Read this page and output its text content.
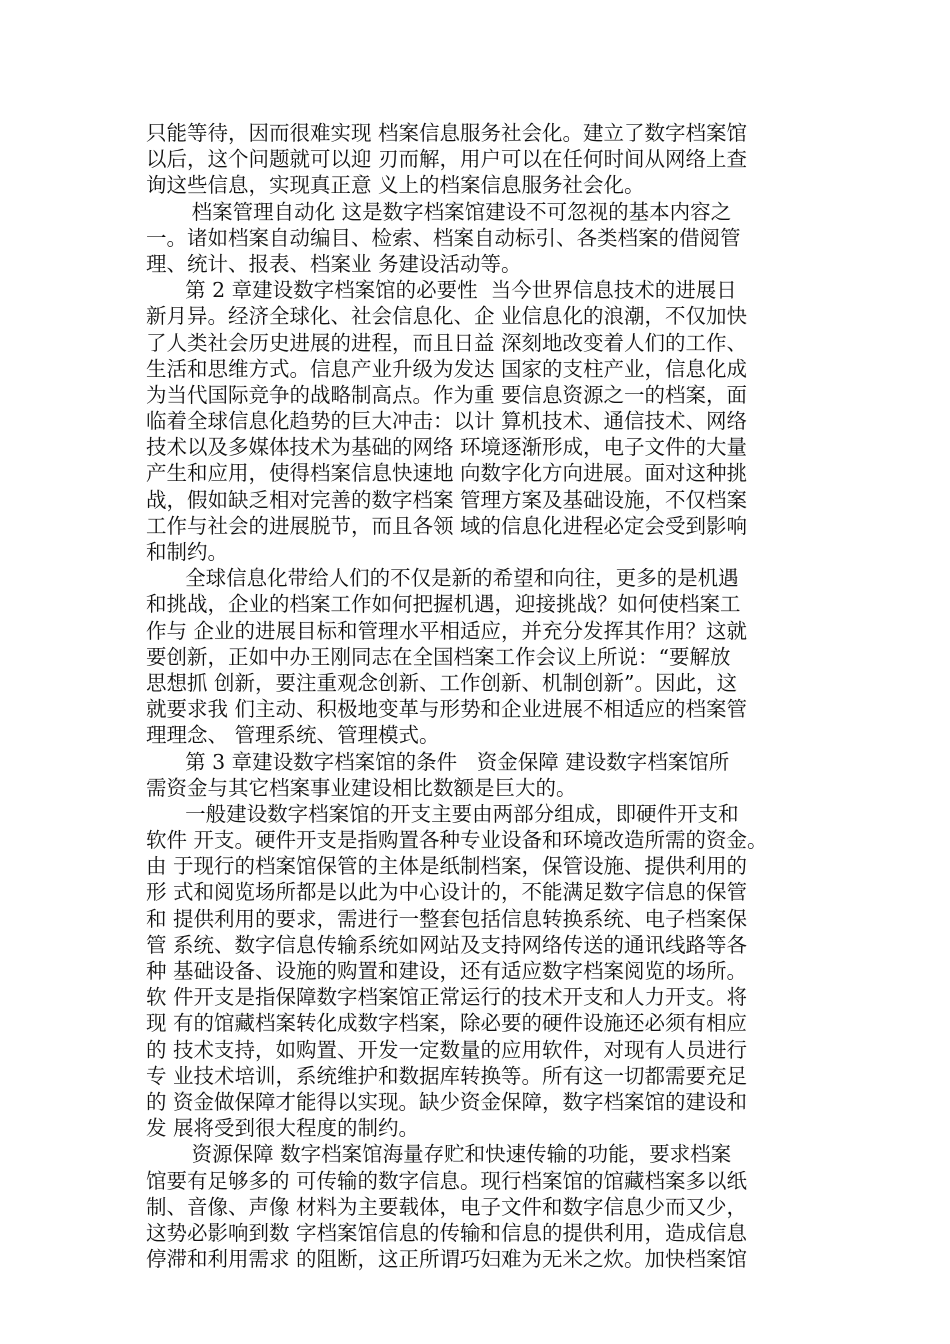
只能等待，因而很难实现 档案信息服务社会化。建立了数字档案馆
以后，这个问题就可以迎 刃而解，用户可以在任何时间从网络上查
询这些信息，实现真正意 义上的档案信息服务社会化。
档案管理自动化 这是数字档案馆建设不可忽视的基本内容之
一。诸如档案自动编目、检索、档案自动标引、各类档案的借阅管
理、统计、报表、档案业 务建设活动等。
第 2 章建设数字档案馆的必要性  当今世界信息技术的进展日
新月异。经济全球化、社会信息化、企 业信息化的浪潮，不仅加快
了人类社会历史进展的进程，而且日益 深刻地改变着人们的工作、
生活和思维方式。信息产业升级为发达 国家的支柱产业，信息化成
为当代国际竞争的战略制高点。作为重 要信息资源之一的档案，面
临着全球信息化趋势的巨大冲击：以计 算机技术、通信技术、网络
技术以及多媒体技术为基础的网络 环境逐渐形成，电子文件的大量
产生和应用，使得档案信息快速地 向数字化方向进展。面对这种挑
战，假如缺乏相对完善的数字档案 管理方案及基础设施，不仅档案
工作与社会的进展脱节，而且各领 域的信息化进程必定会受到影响
和制约。
全球信息化带给人们的不仅是新的希望和向往，更多的是机遇
和挑战，企业的档案工作如何把握机遇，迎接挑战？如何使档案工
作与 企业的进展目标和管理水平相适应，并充分发挥其作用？这就
要创新，正如中办王刚同志在全国档案工作会议上所说：“要解放
思想抓 创新，要注重观念创新、工作创新、机制创新”。因此，这
就要求我 们主动、积极地变革与形势和企业进展不相适应的档案管
理理念、 管理系统、管理模式。
第 3 章建设数字档案馆的条件   资金保障 建设数字档案馆所
需资金与其它档案事业建设相比数额是巨大的。
一般建设数字档案馆的开支主要由两部分组成，即硬件开支和
软件 开支。硬件开支是指购置各种专业设备和环境改造所需的资金。
由 于现行的档案馆保管的主体是纸制档案，保管设施、提供利用的
形 式和阅览场所都是以此为中心设计的，不能满足数字信息的保管
和 提供利用的要求，需进行一整套包括信息转换系统、电子档案保
管 系统、数字信息传输系统如网站及支持网络传送的通讯线路等各
种 基础设备、设施的购置和建设，还有适应数字档案阅览的场所。
软 件开支是指保障数字档案馆正常运行的技术开支和人力开支。将
现 有的馆藏档案转化成数字档案，除必要的硬件设施还必须有相应
的 技术支持，如购置、开发一定数量的应用软件，对现有人员进行
专 业技术培训，系统维护和数据库转换等。所有这一切都需要充足
的 资金做保障才能得以实现。缺少资金保障，数字档案馆的建设和
发 展将受到很大程度的制约。
资源保障 数字档案馆海量存贮和快速传输的功能，要求档案
馆要有足够多的 可传输的数字信息。现行档案馆的馆藏档案多以纸
制、音像、声像 材料为主要载体，电子文件和数字信息少而又少，
这势必影响到数 字档案馆信息的传输和信息的提供利用，造成信息
停滞和利用需求 的阻断，这正所谓巧妇难为无米之炊。加快档案馆
